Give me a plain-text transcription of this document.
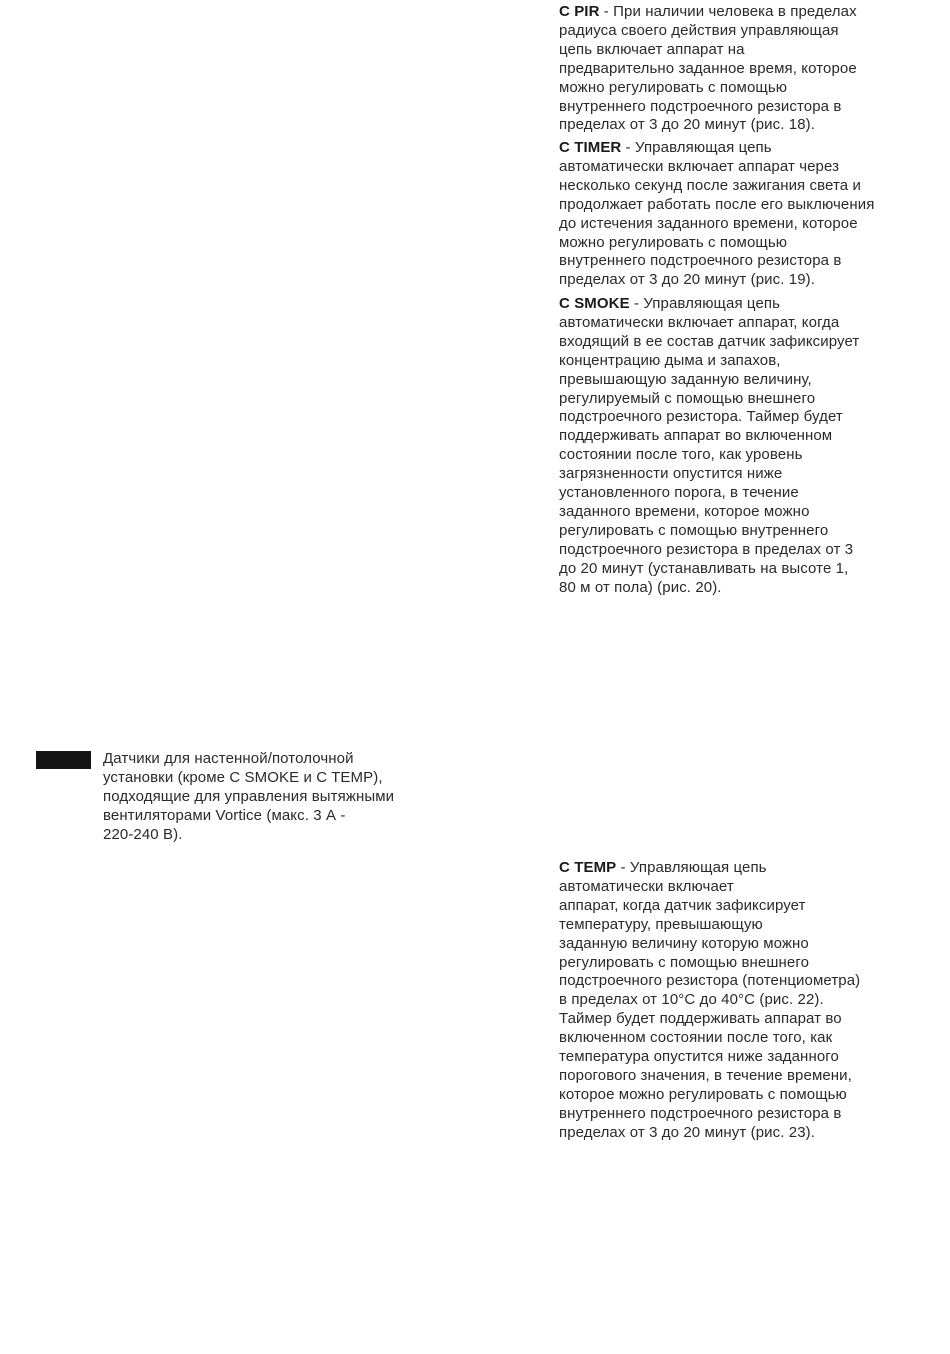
C PIR - При наличии человека в пределах
радиуса своего действия управляющая
цепь включает аппарат на
предварительно заданное время, которое
можно регулировать с помощью
внутреннего подстроечного резистора в
пределах от 3 до 20 минут (рис. 18).
C TIMER - Управляющая цепь
автоматически включает аппарат через
несколько секунд после зажигания света и
продолжает работать после его выключения
до истечения заданного времени, которое
можно регулировать с помощью
внутреннего подстроечного резистора в
пределах от 3 до 20 минут (рис. 19).
C SMOKE - Управляющая цепь
автоматически включает аппарат, когда
входящий в ее состав датчик зафиксирует
концентрацию дыма и запахов,
превышающую заданную величину,
регулируемый с помощью внешнего
подстроечного резистора. Таймер будет
поддерживать аппарат во включенном
состоянии после того, как уровень
загрязненности опустится ниже
установленного порога, в течение
заданного времени, которое можно
регулировать с помощью внутреннего
подстроечного резистора в пределах от 3
до 20 минут (устанавливать на высоте 1,
80 м от пола) (рис. 20).
Датчики для настенной/потолочной
установки (кроме C SMOKE и C TEMP),
подходящие для управления вытяжными
вентиляторами Vortice (макс. 3 А -
220-240 В).
C TEMP - Управляющая цепь
автоматически включает
аппарат, когда датчик зафиксирует
температуру, превышающую
заданную величину которую можно
регулировать с помощью внешнего
подстроечного резистора (потенциометра)
в пределах от 10°С до 40°С (рис. 22).
Таймер будет поддерживать аппарат во
включенном состоянии после того, как
температура опустится ниже заданного
порогового значения, в течение времени,
которое можно регулировать с помощью
внутреннего подстроечного резистора в
пределах от 3 до 20 минут (рис. 23).
